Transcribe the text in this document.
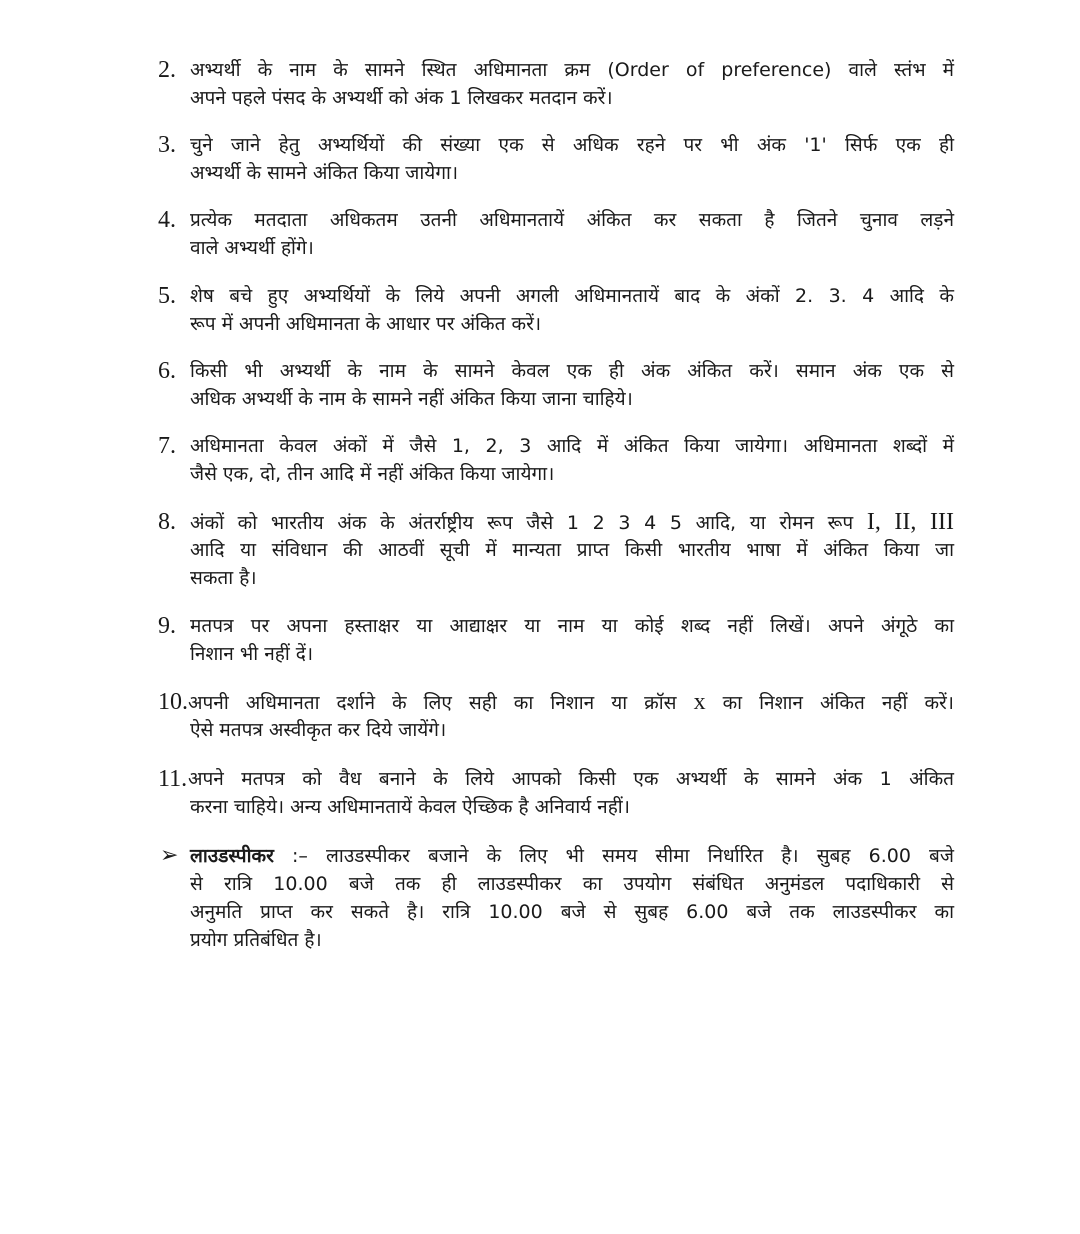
2. अभ्यर्थी के नाम के सामने स्थित अधिमानता क्रम (Order of preference) वाले स्तंभ में
अपने पहले पंसद के अभ्यर्थी को अंक 1 लिखकर मतदान करें।
3. चुने जाने हेतु अभ्यर्थियों की संख्या एक से अधिक रहने पर भी अंक '1' सिर्फ एक ही
अभ्यर्थी के सामने अंकित किया जायेगा।
4. प्रत्येक मतदाता अधिकतम उतनी अधिमानतायें अंकित कर सकता है जितने चुनाव लड़ने
वाले अभ्यर्थी होंगे।
5. शेष बचे हुए अभ्यर्थियों के लिये अपनी अगली अधिमानतायें बाद के अंकों 2. 3. 4 आदि के
रूप में अपनी अधिमानता के आधार पर अंकित करें।
6. किसी भी अभ्यर्थी के नाम के सामने केवल एक ही अंक अंकित करें। समान अंक एक से
अधिक अभ्यर्थी के नाम के सामने नहीं अंकित किया जाना चाहिये।
7. अधिमानता केवल अंकों में जैसे 1, 2, 3 आदि में अंकित किया जायेगा। अधिमानता शब्दों में
जैसे एक, दो, तीन आदि में नहीं अंकित किया जायेगा।
8. अंकों को भारतीय अंक के अंतर्राष्ट्रीय रूप जैसे 1 2 3 4 5 आदि, या रोमन रूप I, II, III
आदि या संविधान की आठवीं सूची में मान्यता प्राप्त किसी भारतीय भाषा में अंकित किया जा
सकता है।
9. मतपत्र पर अपना हस्ताक्षर या आद्याक्षर या नाम या कोई शब्द नहीं लिखें। अपने अंगूठे का
निशान भी नहीं दें।
10. अपनी अधिमानता दर्शाने के लिए सही का निशान या क्रॉस x का निशान अंकित नहीं करें।
ऐसे मतपत्र अस्वीकृत कर दिये जायेंगे।
11. अपने मतपत्र को वैध बनाने के लिये आपको किसी एक अभ्यर्थी के सामने अंक 1 अंकित
करना चाहिये। अन्य अधिमानतायें केवल ऐच्छिक है अनिवार्य नहीं।
➢ लाउडस्पीकर :– लाउडस्पीकर बजाने के लिए भी समय सीमा निर्धारित है। सुबह 6.00 बजे
से रात्रि 10.00 बजे तक ही लाउडस्पीकर का उपयोग संबंधित अनुमंडल पदाधिकारी से
अनुमति प्राप्त कर सकते है। रात्रि 10.00 बजे से सुबह 6.00 बजे तक लाउडस्पीकर का
प्रयोग प्रतिबंधित है।
